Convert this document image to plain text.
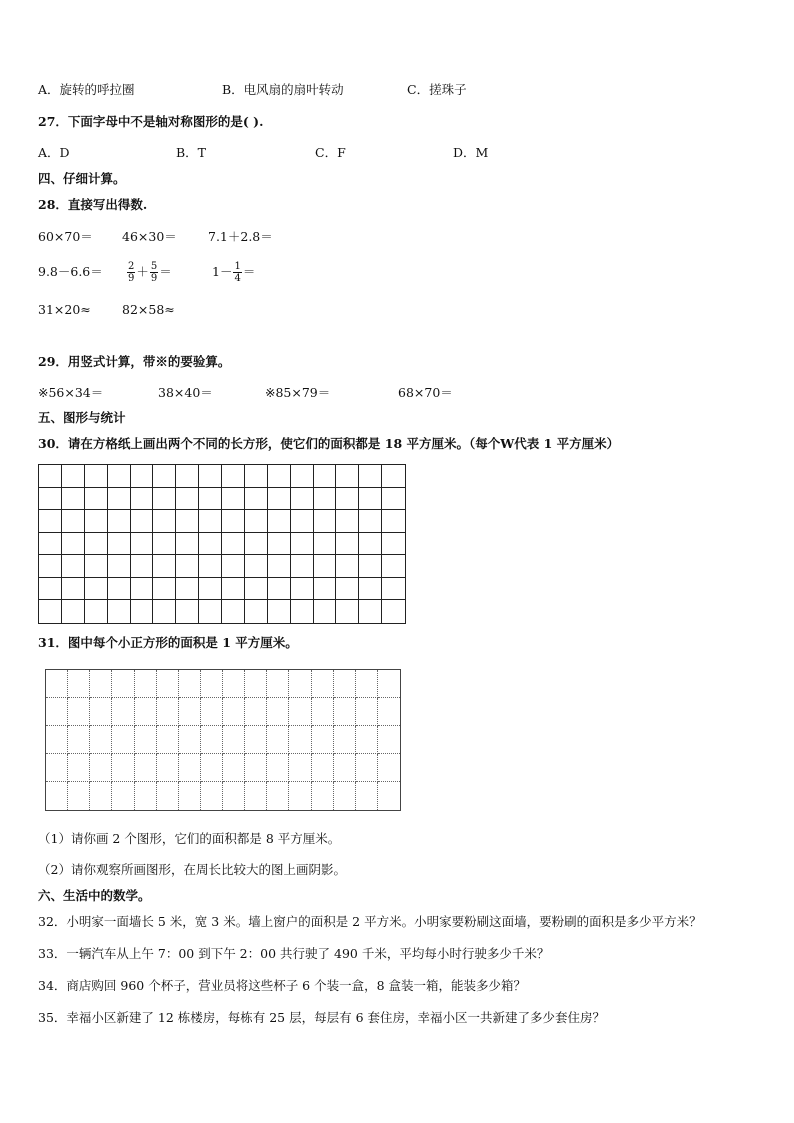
A．旋转的呼拉圈	B．电风扇的扇叶转动	C．搓珠子
27．下面字母中不是轴对称图形的是( ).
A．D	B．T	C．F	D．M
四、仔细计算。
28．直接写出得数.
60×70＝ 46×30＝ 7.1＋2.8＝
$9.8-6.6= \frac{2}{9} + \frac{5}{9}$ ＝	$1- \frac{1}{4}$ ＝
31×20≈ 82×58≈
29．用竖式计算，带※的要验算。
※56×34＝	38×40＝	※85×79＝	68×70＝
五、图形与统计
30．请在方格纸上画出两个不同的长方形，使它们的面积都是 18 平方厘米。（每个W代表 1 平方厘米）
31．图中每个小正方形的面积是 1 平方厘米。
（1）请你画 2 个图形，它们的面积都是 8 平方厘米。
（2）请你观察所画图形，在周长比较大的图上画阴影。
六、生活中的数学。
32．小明家一面墙长 5 米，宽 3 米。墙上窗户的面积是 2 平方米。小明家要粉刷这面墙，要粉刷的面积是多少平方米？
33．一辆汽车从上午 7：00 到下午 2：00 共行驶了 490 千米，平均每小时行驶多少千米？
34．商店购回 960 个杯子，营业员将这些杯子 6 个装一盒，8 盒装一箱，能装多少箱？
35．幸福小区新建了 12 栋楼房，每栋有 25 层，每层有 6 套住房，幸福小区一共新建了多少套住房？
